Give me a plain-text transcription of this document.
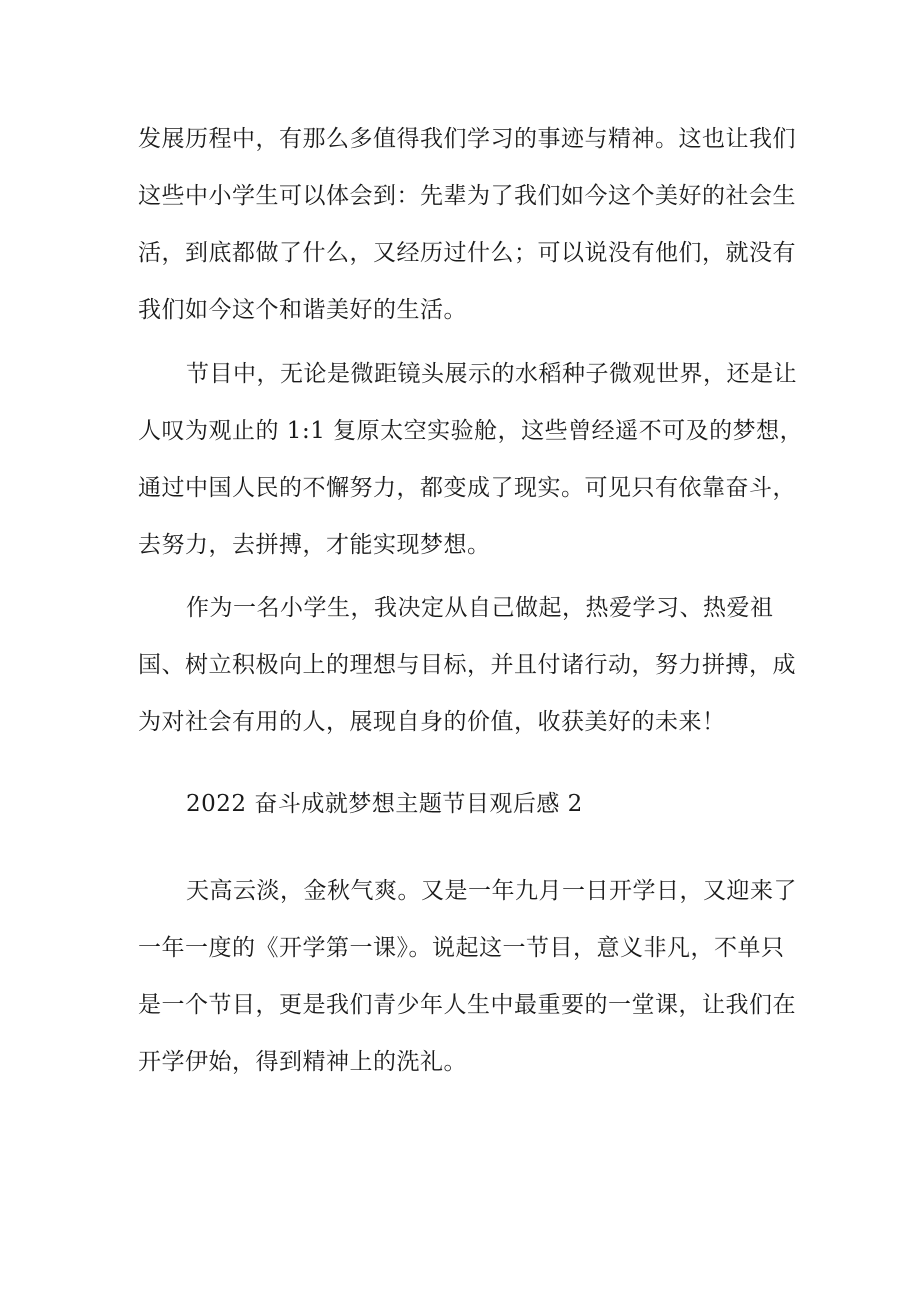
发展历程中，有那么多值得我们学习的事迹与精神。这也让我们
这些中小学生可以体会到：先辈为了我们如今这个美好的社会生
活，到底都做了什么，又经历过什么；可以说没有他们，就没有
我们如今这个和谐美好的生活。

节目中，无论是微距镜头展示的水稻种子微观世界，还是让
人叹为观止的 1:1 复原太空实验舱，这些曾经遥不可及的梦想，
通过中国人民的不懈努力，都变成了现实。可见只有依靠奋斗，
去努力，去拼搏，才能实现梦想。

作为一名小学生，我决定从自己做起，热爱学习、热爱祖
国、树立积极向上的理想与目标，并且付诸行动，努力拼搏，成
为对社会有用的人，展现自身的价值，收获美好的未来！

2022 奋斗成就梦想主题节目观后感 2

天高云淡，金秋气爽。又是一年九月一日开学日，又迎来了
一年一度的《开学第一课》。说起这一节目，意义非凡，不单只
是一个节目，更是我们青少年人生中最重要的一堂课，让我们在
开学伊始，得到精神上的洗礼。
